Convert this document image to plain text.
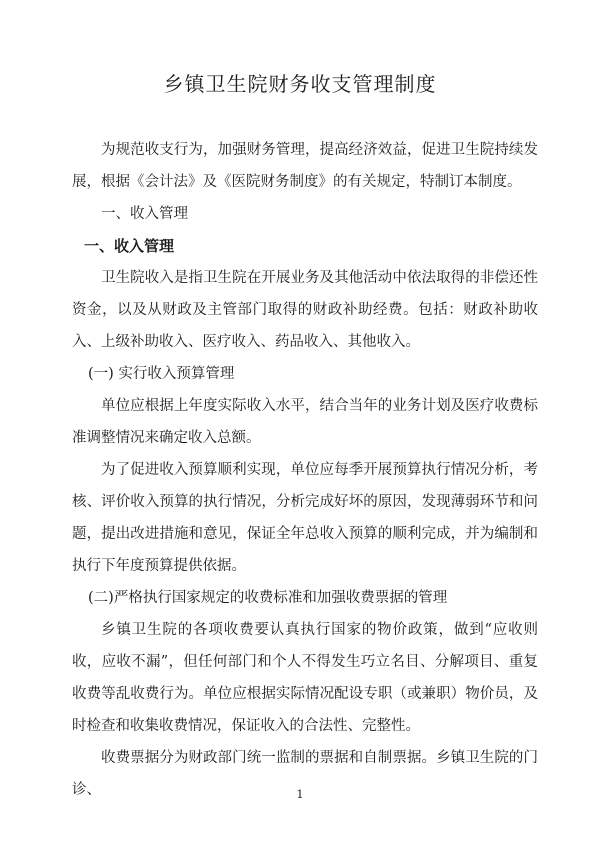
乡镇卫生院财务收支管理制度

为规范收支行为，加强财务管理，提高经济效益，促进卫生院持续发展，根据《会计法》及《医院财务制度》的有关规定，特制订本制度。

一、收入管理

一、收入管理

卫生院收入是指卫生院在开展业务及其他活动中依法取得的非偿还性资金，以及从财政及主管部门取得的财政补助经费。包括：财政补助收入、上级补助收入、医疗收入、药品收入、其他收入。

(一) 实行收入预算管理

单位应根据上年度实际收入水平，结合当年的业务计划及医疗收费标准调整情况来确定收入总额。

为了促进收入预算顺利实现，单位应每季开展预算执行情况分析，考核、评价收入预算的执行情况，分析完成好坏的原因，发现薄弱环节和问题，提出改进措施和意见，保证全年总收入预算的顺利完成，并为编制和执行下年度预算提供依据。

(二)严格执行国家规定的收费标准和加强收费票据的管理

乡镇卫生院的各项收费要认真执行国家的物价政策，做到“应收则收，应收不漏”，但任何部门和个人不得发生巧立名目、分解项目、重复收费等乱收费行为。单位应根据实际情况配设专职（或兼职）物价员，及时检查和收集收费情况，保证收入的合法性、完整性。

收费票据分为财政部门统一监制的票据和自制票据。乡镇卫生院的门诊、	1
